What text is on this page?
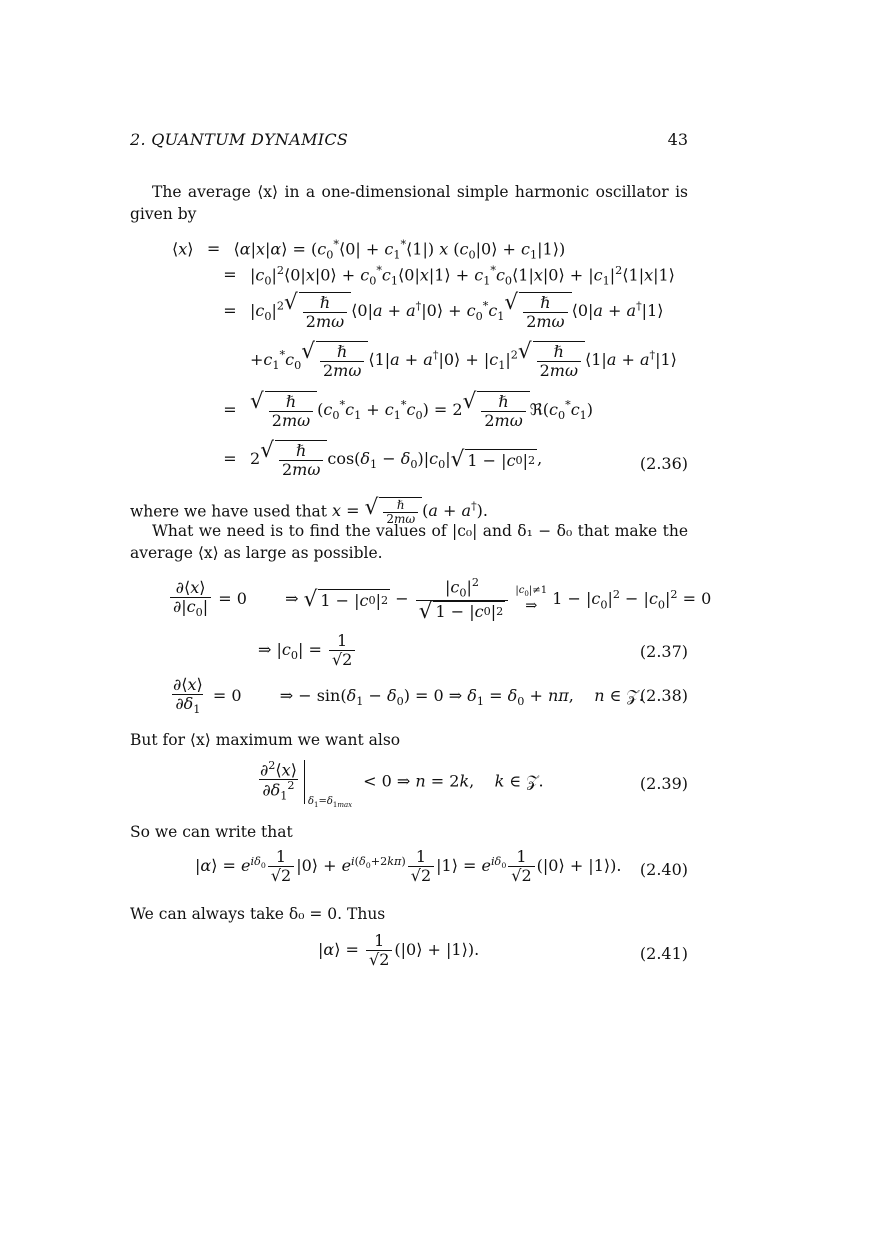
2. QUANTUM DYNAMICS	43
The average ⟨x⟩ in a one-dimensional simple harmonic oscillator is given by
⟨x⟩ = ⟨α|x|α⟩ = ($c_0^*⟨0|$ + $c_1^*⟨1|$) x ($c_0|0⟩$ + $c_1|1⟩$)
= $|c_0|^2⟨0|x|0⟩$ + $c_0^*c_1⟨0|x|1⟩$ + $c_1^*c_0⟨1|x|0⟩$ + $|c_1|^2⟨1|x|1⟩$
= $|c_0|^2$ √ $\frac{\text{ℏ}}{2m\omega}$ ⟨0|a + a†|0⟩ + $c_0^*c_1$
√ $\frac{\text{ℏ}}{2m\omega}$ ⟨0|a + a†|1⟩
$+c_1^*c_0$
√ $\frac{\text{ℏ}}{2m\omega}$ ⟨1|a + a†|0⟩ + $|c_1|^2$ √ $\frac{\text{ℏ}}{2m\omega}$ ⟨1|a + a†|1⟩
= √ $\frac{\text{ℏ}}{2m\omega} (c_0^*c_1 + c_1^*c_0) = 2$ √ $\frac{\text{ℏ}}{2m\omega}$ $ℜ(c_0^*c_1)$
= 2 √ $\frac{\text{ℏ}}{2m\omega} \cos(\delta_1 - \delta_0)|c_0|$ √ 1 − | c 0 | 2 ,	(2.36)
where we have used that x = √ $\frac{\text{ℏ}}{2m\omega} (a + a^\dagger)$.
What we need is to find the values of |c₀| and δ₁ − δ₀ that make the average ⟨x⟩ as large as possible.
$\frac{\partial⟨x⟩}{\partial|c_0|} = 0$  ⇒ √ 1 − | c 0 | $2 - \frac{|c_0|^2}{√ 1 - | c 0 | 2}$
$|c_0|\ne 1$
⇒ $1 - |c_0|^2 - |c_0|^2 = 0$
⇒ $|c_0| = \frac{1}{√2}$	(2.37)
$\frac{\partial⟨x⟩}{\partial\delta_1} = 0$  ⇒ − $\sin(\delta_1 - \delta_0) = 0$ ⇒ $\delta_1 = \delta_0 + n\pi$,    n ∈ 𝒵.
(2.38)
But for ⟨x⟩ maximum we want also
$\frac{\partial^2⟨x⟩}{\partial\delta_1^2} \delta_1=\delta_{1max}$
< 0 ⇒ n = 2k,    k ∈ 𝒵.	(2.39)
So we can write that
|α⟩ = $e^{i\delta_0} \frac{1}{√2}$ |0⟩ + $e^{i(\delta_0+2k\pi)} \frac{1}{√2}$ |1⟩ = $e^{i\delta_0} \frac{1}{√2}$ (|0⟩ + |1⟩).	(2.40)
We can always take δ₀ = 0. Thus
|α⟩ = $\frac{1}{√2}$ (|0⟩ + |1⟩).	(2.41)
